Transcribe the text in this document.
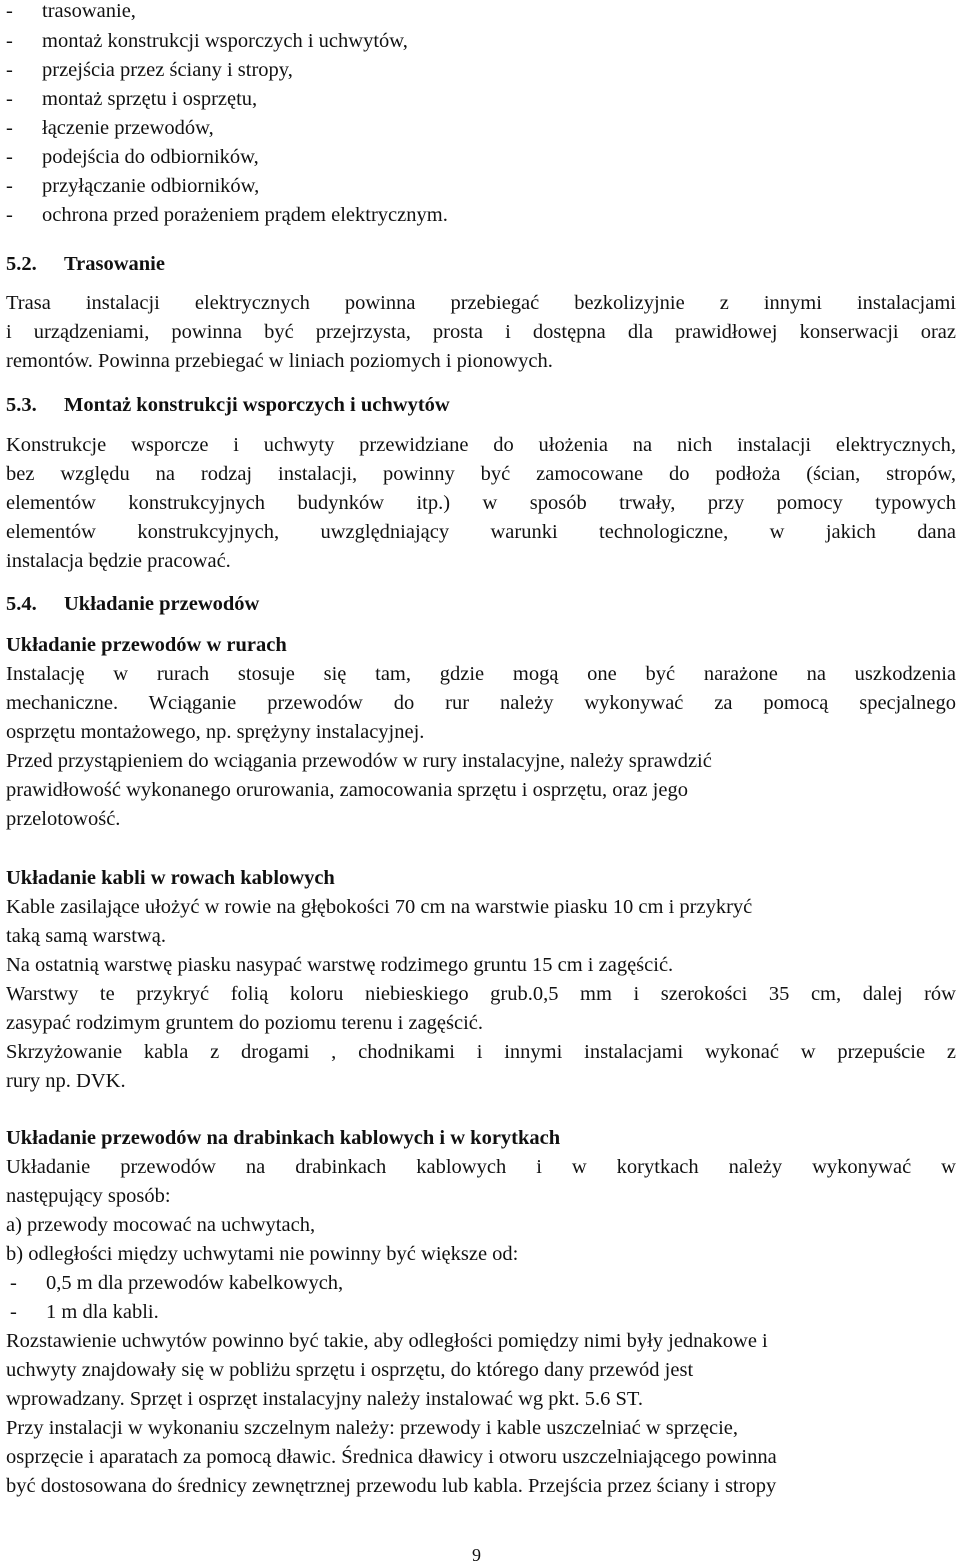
- trasowanie,
- montaż konstrukcji wsporczych i uchwytów,
- przejścia przez ściany i stropy,
- montaż sprzętu i osprzętu,
- łączenie przewodów,
- podejścia do odbiorników,
- przyłączanie odbiorników,
- ochrona przed porażeniem prądem elektrycznym.
5.2. Trasowanie
Trasa instalacji elektrycznych powinna przebiegać bezkolizyjnie z innymi instalacjami
i urządzeniami, powinna być przejrzysta, prosta i dostępna dla prawidłowej konserwacji oraz
remontów. Powinna przebiegać w liniach poziomych i pionowych.
5.3. Montaż konstrukcji wsporczych i uchwytów
Konstrukcje wsporcze i uchwyty przewidziane do ułożenia na nich instalacji elektrycznych,
bez względu na rodzaj instalacji, powinny być zamocowane do podłoża (ścian, stropów,
elementów konstrukcyjnych budynków itp.) w sposób trwały, przy pomocy typowych
elementów konstrukcyjnych, uwzględniający warunki technologiczne, w jakich dana
instalacja będzie pracować.
5.4. Układanie przewodów
Układanie przewodów w rurach
Instalację w rurach stosuje się tam, gdzie mogą one być narażone na uszkodzenia
mechaniczne. Wciąganie przewodów do rur należy wykonywać za pomocą specjalnego
osprzętu montażowego, np. sprężyny instalacyjnej.
Przed przystąpieniem do wciągania przewodów w rury instalacyjne, należy sprawdzić
prawidłowość wykonanego orurowania, zamocowania sprzętu i osprzętu, oraz jego
przelotowość.
Układanie kabli w rowach kablowych
Kable zasilające ułożyć w rowie na głębokości 70 cm na warstwie piasku 10 cm i przykryć
taką samą warstwą.
Na ostatnią warstwę piasku nasypać warstwę rodzimego gruntu 15 cm i zagęścić.
Warstwy te przykryć folią koloru niebieskiego grub.0,5 mm i szerokości 35 cm, dalej rów
zasypać rodzimym gruntem do poziomu terenu i zagęścić.
Skrzyżowanie kabla z drogami , chodnikami i innymi instalacjami wykonać w przepuście z
rury np. DVK.
Układanie przewodów na drabinkach kablowych i w korytkach
Układanie przewodów na drabinkach kablowych i w korytkach należy wykonywać w
następujący sposób:
a) przewody mocować na uchwytach,
b) odległości między uchwytami nie powinny być większe od:
- 0,5 m dla przewodów kabelkowych,
- 1 m dla kabli.
Rozstawienie uchwytów powinno być takie, aby odległości pomiędzy nimi były jednakowe i
uchwyty znajdowały się w pobliżu sprzętu i osprzętu, do którego dany przewód jest
wprowadzany. Sprzęt i osprzęt instalacyjny należy instalować wg pkt. 5.6 ST.
Przy instalacji w wykonaniu szczelnym należy: przewody i kable uszczelniać w sprzęcie,
osprzęcie i aparatach za pomocą dławic. Średnica dławicy i otworu uszczelniającego powinna
być dostosowana do średnicy zewnętrznej przewodu lub kabla. Przejścia przez ściany i stropy
9
